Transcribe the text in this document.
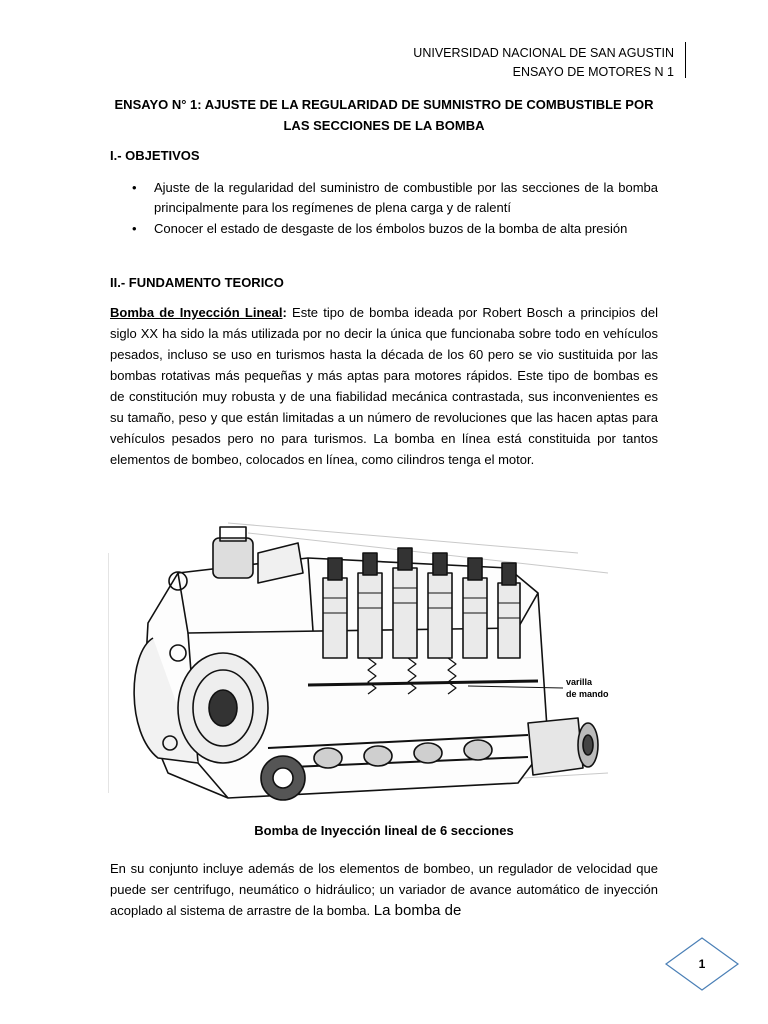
UNIVERSIDAD NACIONAL DE SAN AGUSTIN
ENSAYO DE MOTORES N 1
ENSAYO N° 1: AJUSTE DE LA REGULARIDAD DE SUMNISTRO DE COMBUSTIBLE POR
LAS SECCIONES DE LA BOMBA
I.- OBJETIVOS
• Ajuste de la regularidad del suministro de combustible por las secciones de la bomba principalmente para los regímenes de plena carga y de ralentí
• Conocer el estado de desgaste de los émbolos buzos de la bomba de alta presión
II.- FUNDAMENTO TEORICO

Bomba de Inyección Lineal: Este tipo de bomba ideada por Robert Bosch a principios del siglo XX ha sido la más utilizada por no decir la única que funcionaba sobre todo en vehículos pesados, incluso se uso en turismos hasta la década de los 60 pero se vio sustituida por las bombas rotativas más pequeñas y más aptas para motores rápidos. Este tipo de bombas es de constitución muy robusta y de una fiabilidad mecánica contrastada, sus inconvenientes es su tamaño, peso y que están limitadas a un número de revoluciones que las hacen aptas para vehículos pesados pero no para turismos. La bomba en línea está constituida por tantos elementos de bombeo, colocados en línea, como cilindros tenga el motor.

varilla
de mando
Bomba de Inyección lineal de 6 secciones

En su conjunto incluye además de los elementos de bombeo, un regulador de velocidad que puede ser centrifugo, neumático o hidráulico; un variador de avance automático de inyección acoplado al sistema de arrastre de la bomba. La bomba de

1
